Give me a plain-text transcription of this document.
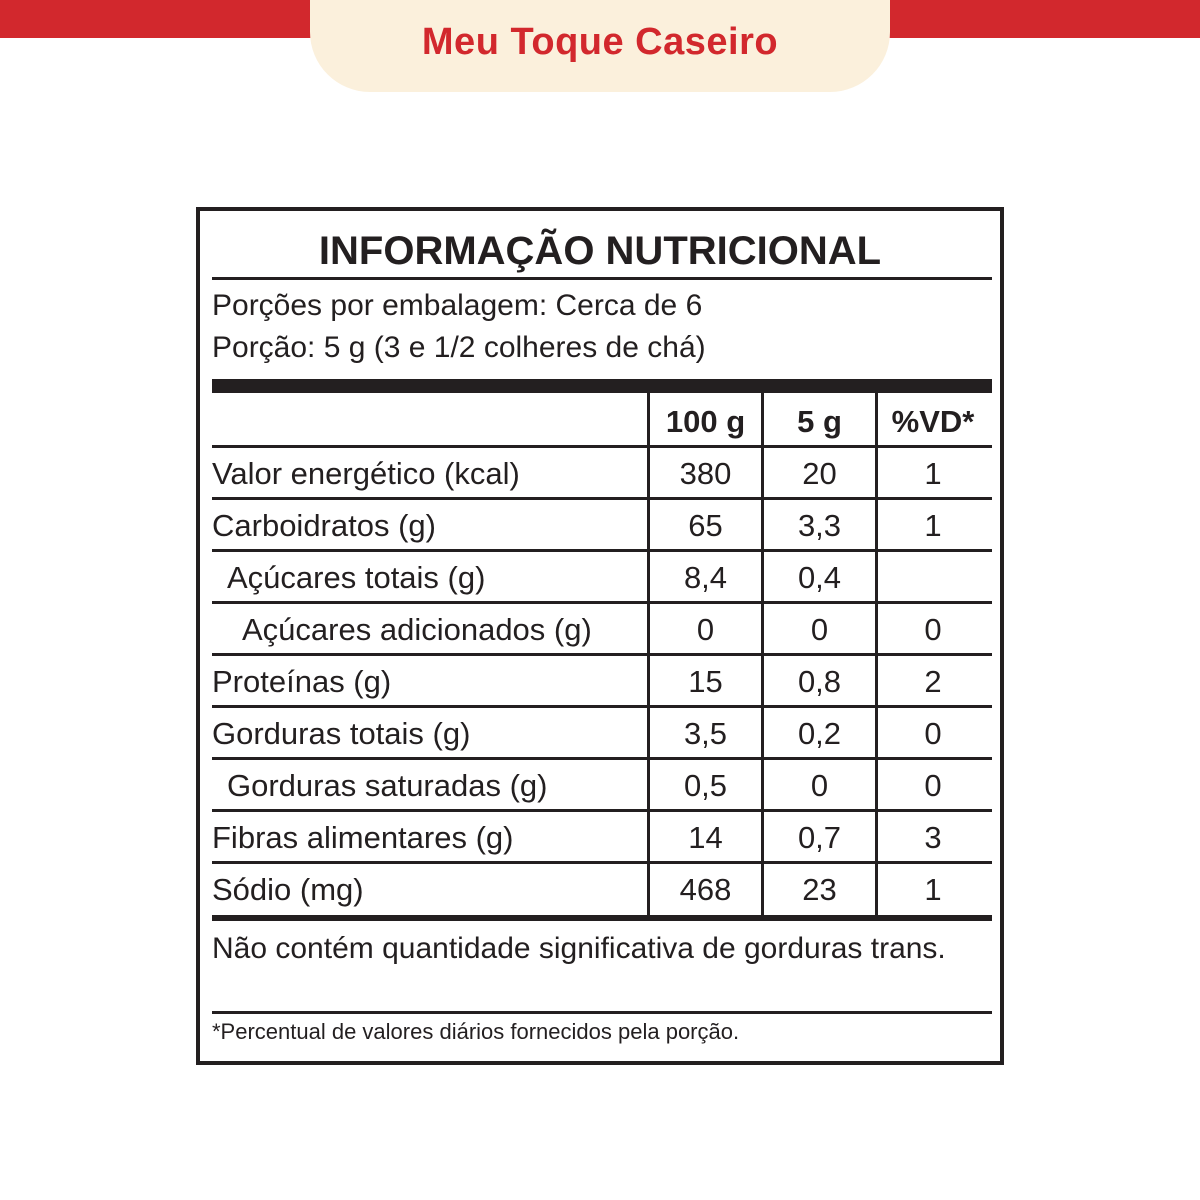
Meu Toque Caseiro
INFORMAÇÃO NUTRICIONAL
Porções por embalagem: Cerca de 6
Porção: 5 g (3 e 1/2 colheres de chá)
100 g	5 g	%VD*
Valor energético (kcal)	380	20	1
Carboidratos (g)	65	3,3	1
Açúcares totais (g)	8,4	0,4
Açúcares adicionados (g)	0	0	0
Proteínas (g)	15	0,8	2
Gorduras totais (g)	3,5	0,2	0
Gorduras saturadas (g)	0,5	0	0
Fibras alimentares (g)	14	0,7	3
Sódio (mg)	468	23	1
Não contém quantidade significativa de gorduras trans.
*Percentual de valores diários fornecidos pela porção.
